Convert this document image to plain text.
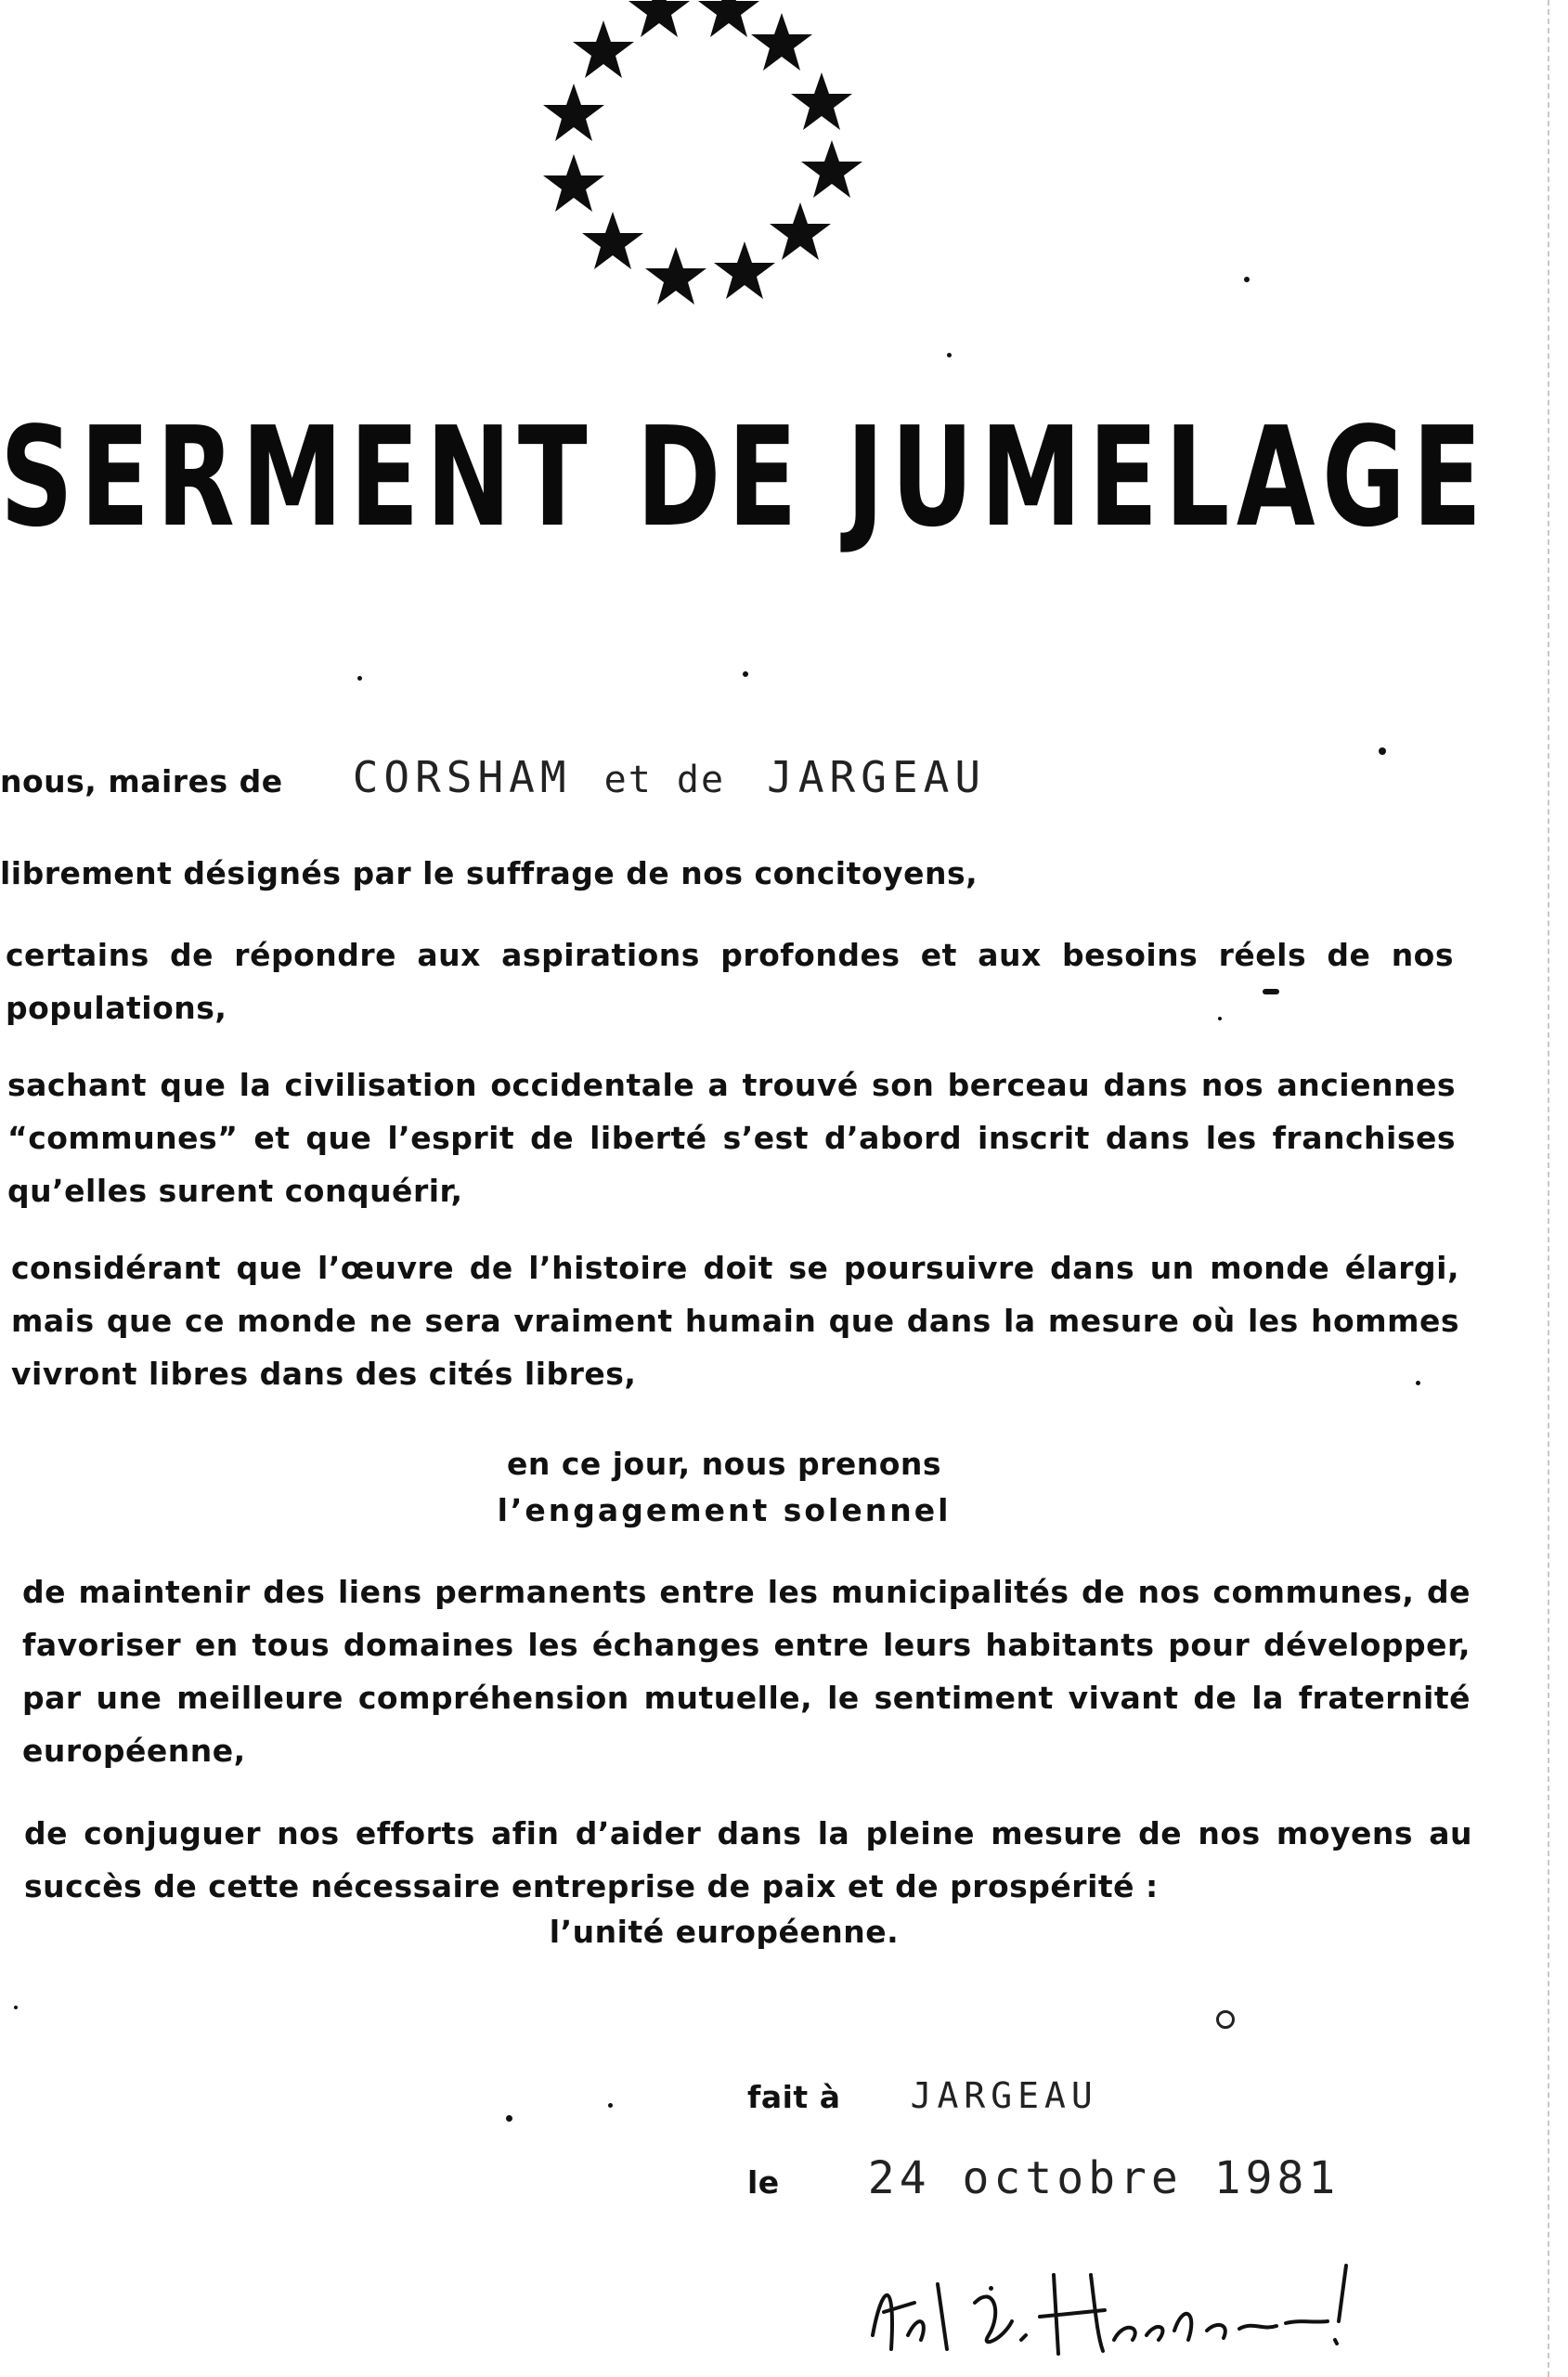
SERMENT DE JUMELAGE
nous, maires de CORSHAM et de JARGEAU
librement désignés par le suffrage de nos concitoyens,
certains de répondre aux aspirations profondes et aux besoins réels de nos populations,
sachant que la civilisation occidentale a trouvé son berceau dans nos anciennes “communes” et que l’esprit de liberté s’est d’abord inscrit dans les franchises qu’elles surent conquérir,
considérant que l’œuvre de l’histoire doit se poursuivre dans un monde élargi, mais que ce monde ne sera vraiment humain que dans la mesure où les hommes vivront libres dans des cités libres,
en ce jour, nous prenons
l’engagement solennel
de maintenir des liens permanents entre les municipalités de nos communes, de favoriser en tous domaines les échanges entre leurs habitants pour développer, par une meilleure compréhension mutuelle, le sentiment vivant de la fraternité européenne,
de conjuguer nos efforts afin d’aider dans la pleine mesure de nos moyens au succès de cette nécessaire entreprise de paix et de prospérité :
l’unité européenne.
fait à JARGEAU
le 24 octobre 1981
Peter G. Henderson
